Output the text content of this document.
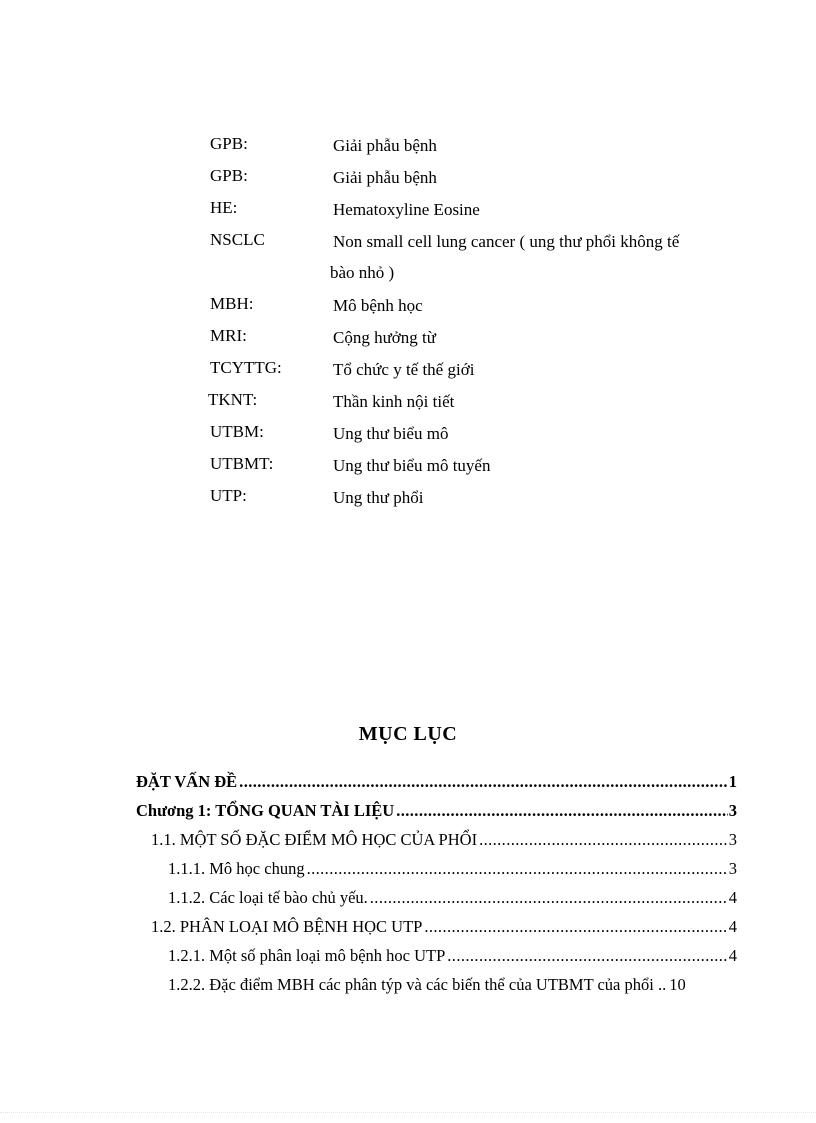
GPB:	Giải phẫu bệnh
GPB:	Giải phẫu bệnh
HE:	Hematoxyline Eosine
NSCLC	Non small cell lung cancer ( ung thư phổi không tế
bào nhỏ )
MBH:	Mô bệnh học
MRI:	Cộng hưởng từ
TCYTTG:	Tổ chức y tế thế giới
TKNT:	Thần kinh nội tiết
UTBM:	Ung thư biểu mô
UTBMT:	Ung thư biểu mô tuyến
UTP:	Ung thư phổi
MỤC LỤC
ĐẶT VẤN ĐỀ .....	1
Chương 1: TỔNG QUAN TÀI LIỆU .....	3
1.1. MỘT SỐ ĐẶC ĐIỂM MÔ HỌC CỦA PHỔI .....	3
1.1.1. Mô học chung .....	3
1.1.2. Các loại tế bào chủ yếu. .....	4
1.2. PHÂN LOẠI MÔ BỆNH HỌC UTP .....	4
1.2.1. Một số phân loại mô bệnh hoc UTP .....	4
1.2.2. Đặc điểm MBH các phân týp và các biến thể của UTBMT của phổi .. 10
